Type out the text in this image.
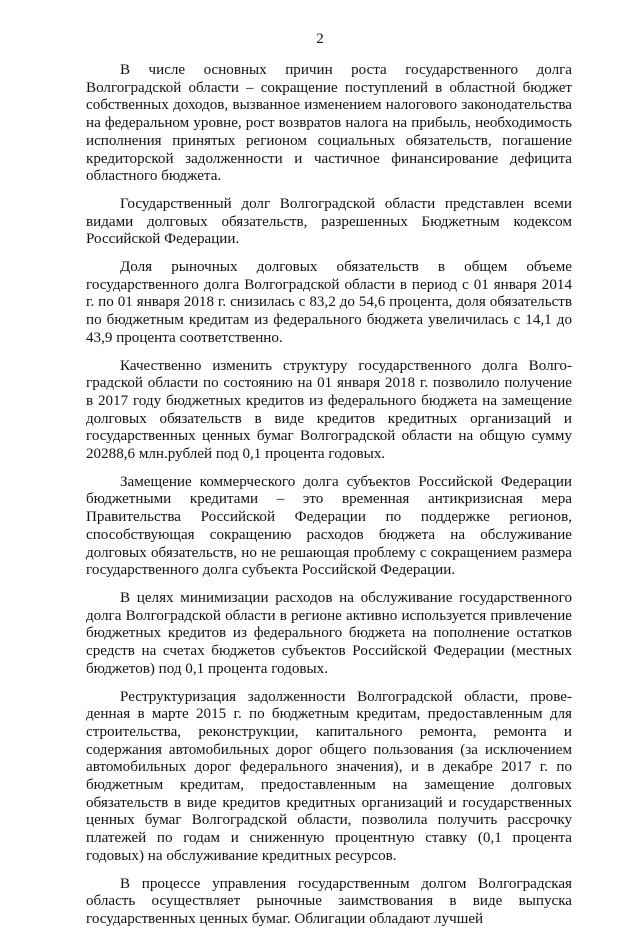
2

В числе основных причин роста государственного долга Волгоградской области – сокращение поступлений в областной бюджет собственных доходов, вызванное изменением налогового законодательства на федеральном уровне, рост возвратов налога на прибыль, необходимость исполнения принятых регионом социальных обязательств, погашение кредиторской задолженности и частичное финансирование дефицита областного бюджета.

Государственный долг Волгоградской области представлен всеми видами долговых обязательств, разрешенных Бюджетным кодексом Российской Федерации.

Доля рыночных долговых обязательств в общем объеме государственного долга Волгоградской области в период с 01 января 2014 г. по 01 января 2018 г. снизилась с 83,2 до 54,6 процента, доля обязательств по бюджетным кредитам из федерального бюджета увеличилась с 14,1 до 43,9 процента соответственно.

Качественно изменить структуру государственного долга Волгоградской области по состоянию на 01 января 2018 г. позволило получение в 2017 году бюджетных кредитов из федерального бюджета на замещение долговых обязательств в виде кредитов кредитных организаций и государственных ценных бумаг Волгоградской области на общую сумму 20288,6 млн.рублей под 0,1 процента годовых.

Замещение коммерческого долга субъектов Российской Федерации бюджетными кредитами – это временная антикризисная мера Правительства Российской Федерации по поддержке регионов, способствующая сокращению расходов бюджета на обслуживание долговых обязательств, но не решающая проблему с сокращением размера государственного долга субъекта Российской Федерации.

В целях минимизации расходов на обслуживание государственного долга Волгоградской области в регионе активно используется привлечение бюджетных кредитов из федерального бюджета на пополнение остатков средств на счетах бюджетов субъектов Российской Федерации (местных бюджетов) под 0,1 процента годовых.

Реструктуризация задолженности Волгоградской области, проведенная в марте 2015 г. по бюджетным кредитам, предоставленным для строительства, реконструкции, капитального ремонта, ремонта и содержания автомобильных дорог общего пользования (за исключением автомобильных дорог федерального значения), и в декабре 2017 г. по бюджетным кредитам, предоставленным на замещение долговых обязательств в виде кредитов кредитных организаций и государственных ценных бумаг Волгоградской области, позволила получить рассрочку платежей по годам и сниженную процентную ставку (0,1 процента годовых) на обслуживание кредитных ресурсов.

В процессе управления государственным долгом Волгоградская область осуществляет рыночные заимствования в виде выпуска государственных ценных бумаг. Облигации обладают лучшей
